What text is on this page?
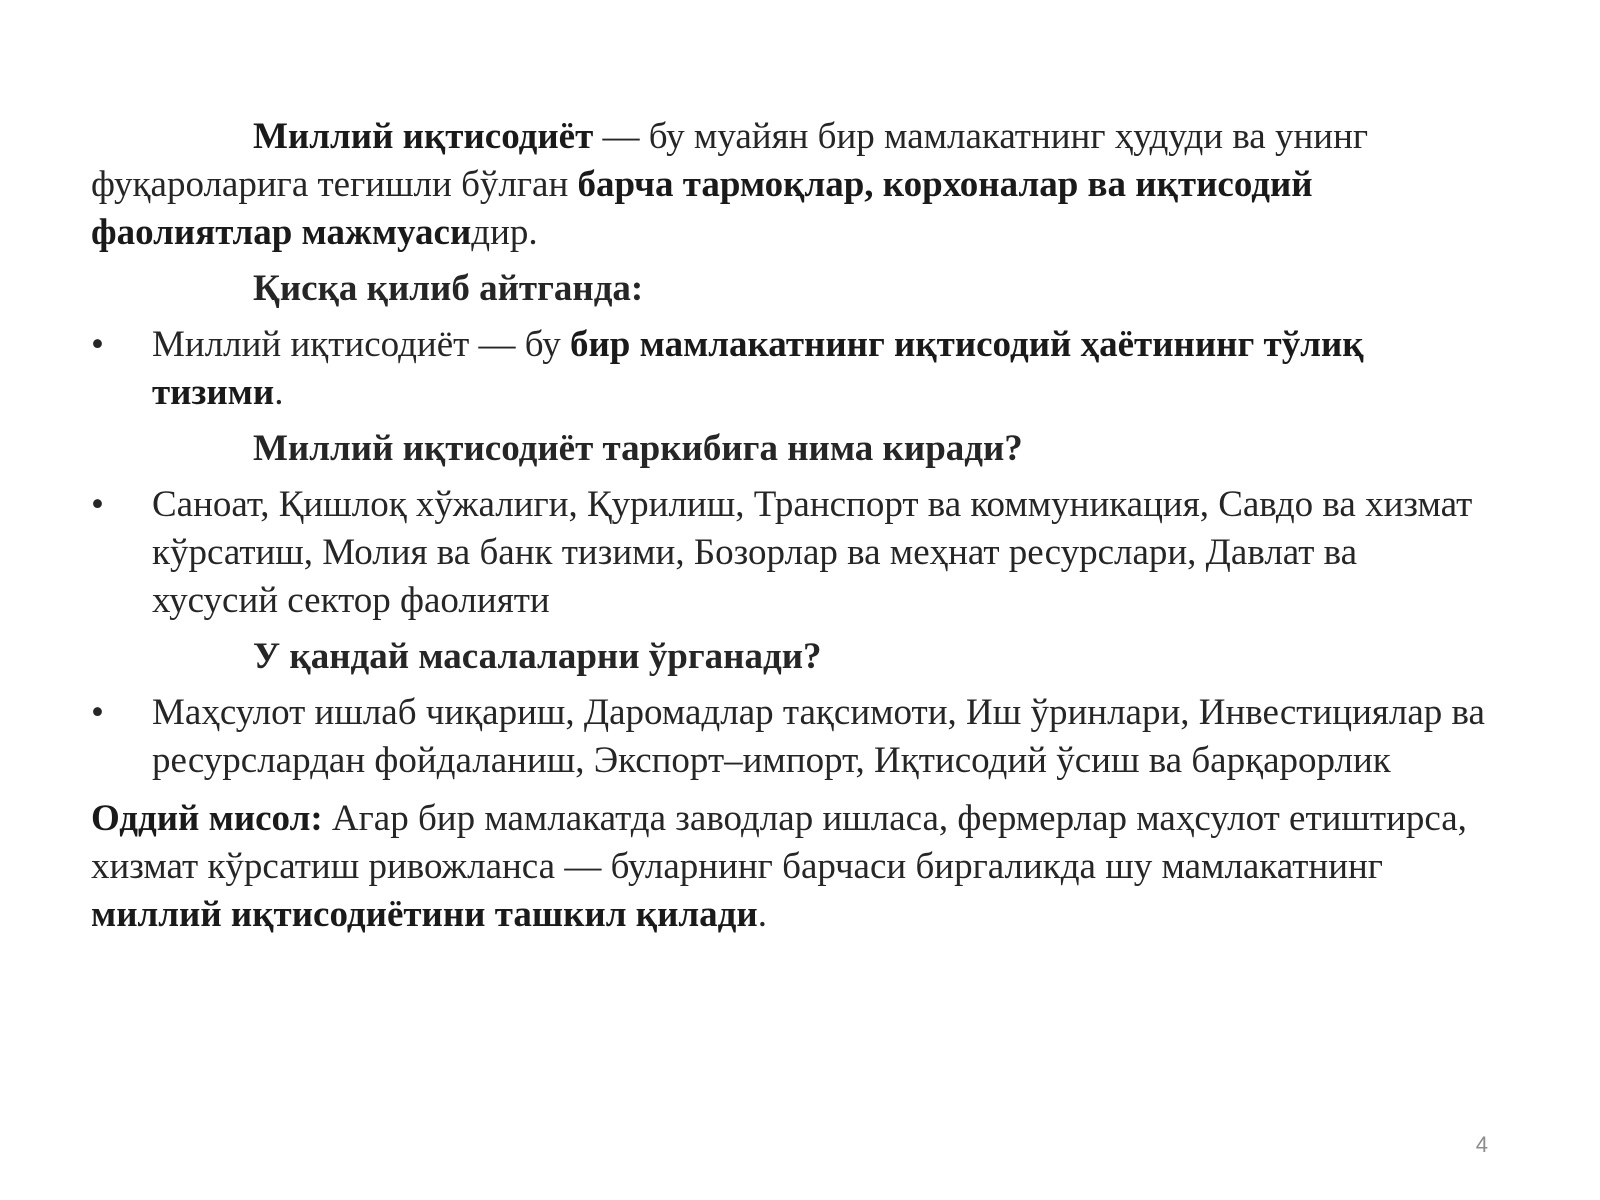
Миллий иқтисодиёт — бу муайян бир мамлакатнинг ҳудуди ва унинг фуқароларига тегишли бўлган барча тармоқлар, корхоналар ва иқтисодий фаолиятлар мажмуасидир.

Қисқа қилиб айтганда:
•	Миллий иқтисодиёт — бу бир мамлакатнинг иқтисодий ҳаётининг тўлиқ тизими.
Миллий иқтисодиёт таркибига нима киради?
•	Саноат, Қишлоқ хўжалиги, Қурилиш, Транспорт ва коммуникация, Савдо ва хизмат кўрсатиш, Молия ва банк тизими, Бозорлар ва меҳнат ресурслари, Давлат ва хусусий сектор фаолияти
У қандай масалаларни ўрганади?
•	Маҳсулот ишлаб чиқариш, Даромадлар тақсимоти, Иш ўринлари, Инвестициялар ва ресурслардан фойдаланиш, Экспорт–импорт, Иқтисодий ўсиш ва барқарорлик

Оддий мисол: Агар бир мамлакатда заводлар ишласа, фермерлар маҳсулот етиштирса, хизмат кўрсатиш ривожланса — буларнинг барчаси биргаликда шу мамлакатнинг миллий иқтисодиётини ташкил қилади.

4
